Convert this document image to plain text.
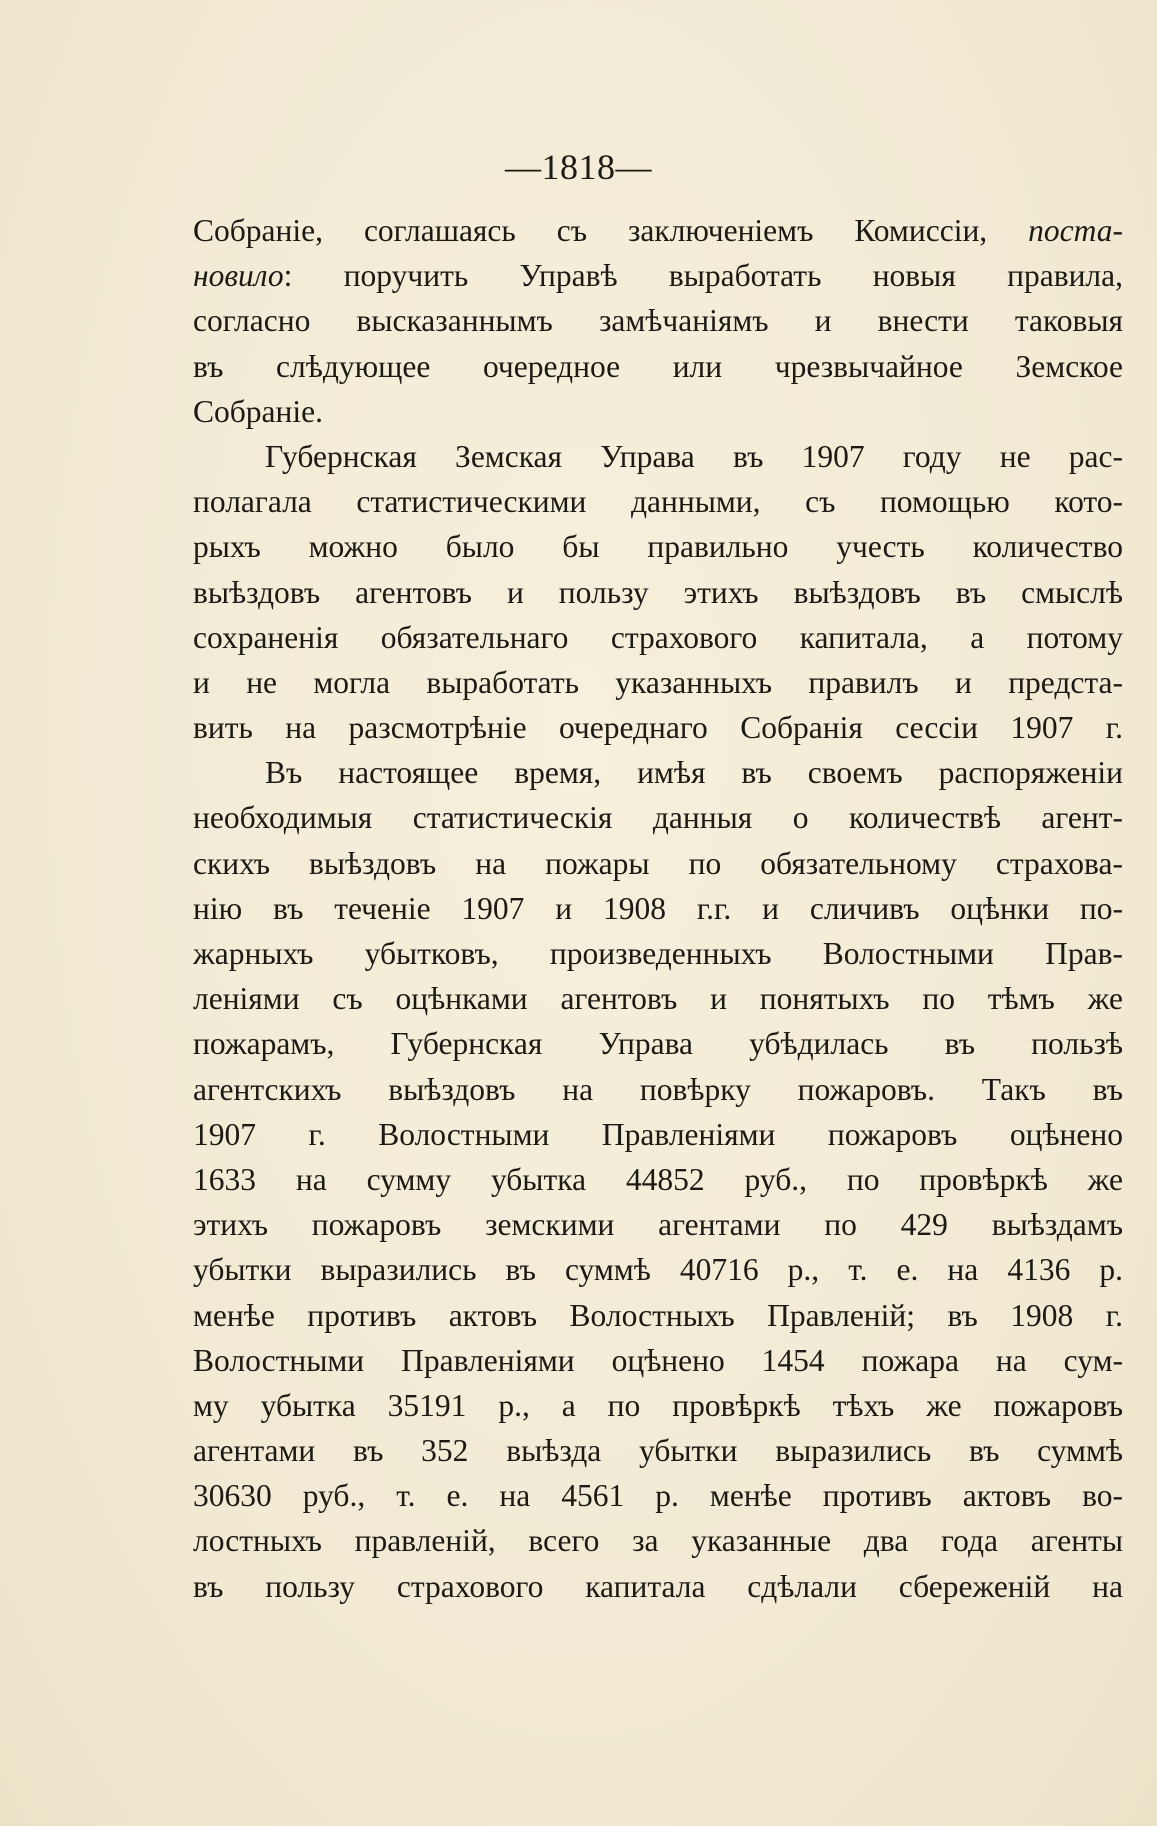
—1818—
Собраніе, соглашаясь съ заключеніемъ Комиссіи, поста-
новило: поручить Управѣ выработать новыя правила,
согласно высказаннымъ замѣчаніямъ и внести таковыя
въ слѣдующее очередное или чрезвычайное Земское
Собраніе.
Губернская Земская Управа въ 1907 году не рас-
полагала статистическими данными, съ помощью кото-
рыхъ можно было бы правильно учесть количество
выѣздовъ агентовъ и пользу этихъ выѣздовъ въ смыслѣ
сохраненія обязательнаго страхового капитала, а потому
и не могла выработать указанныхъ правилъ и предста-
вить на разсмотрѣніе очереднаго Собранія сессіи 1907 г.
Въ настоящее время, имѣя въ своемъ распоряженіи
необходимыя статистическія данныя о количествѣ агент-
скихъ выѣздовъ на пожары по обязательному страхова-
нію въ теченіе 1907 и 1908 г.г. и сличивъ оцѣнки по-
жарныхъ убытковъ, произведенныхъ Волостными Прав-
леніями съ оцѣнками агентовъ и понятыхъ по тѣмъ же
пожарамъ, Губернская Управа убѣдилась въ пользѣ
агентскихъ выѣздовъ на повѣрку пожаровъ. Такъ въ
1907 г. Волостными Правленіями пожаровъ оцѣнено
1633 на сумму убытка 44852 руб., по провѣркѣ же
этихъ пожаровъ земскими агентами по 429 выѣздамъ
убытки выразились въ суммѣ 40716 р., т. е. на 4136 р.
менѣе противъ актовъ Волостныхъ Правленій; въ 1908 г.
Волостными Правленіями оцѣнено 1454 пожара на сум-
му убытка 35191 р., а по провѣркѣ тѣхъ же пожаровъ
агентами въ 352 выѣзда убытки выразились въ суммѣ
30630 руб., т. е. на 4561 р. менѣе противъ актовъ во-
лостныхъ правленій, всего за указанные два года агенты
въ пользу страхового капитала сдѣлали сбереженій на
